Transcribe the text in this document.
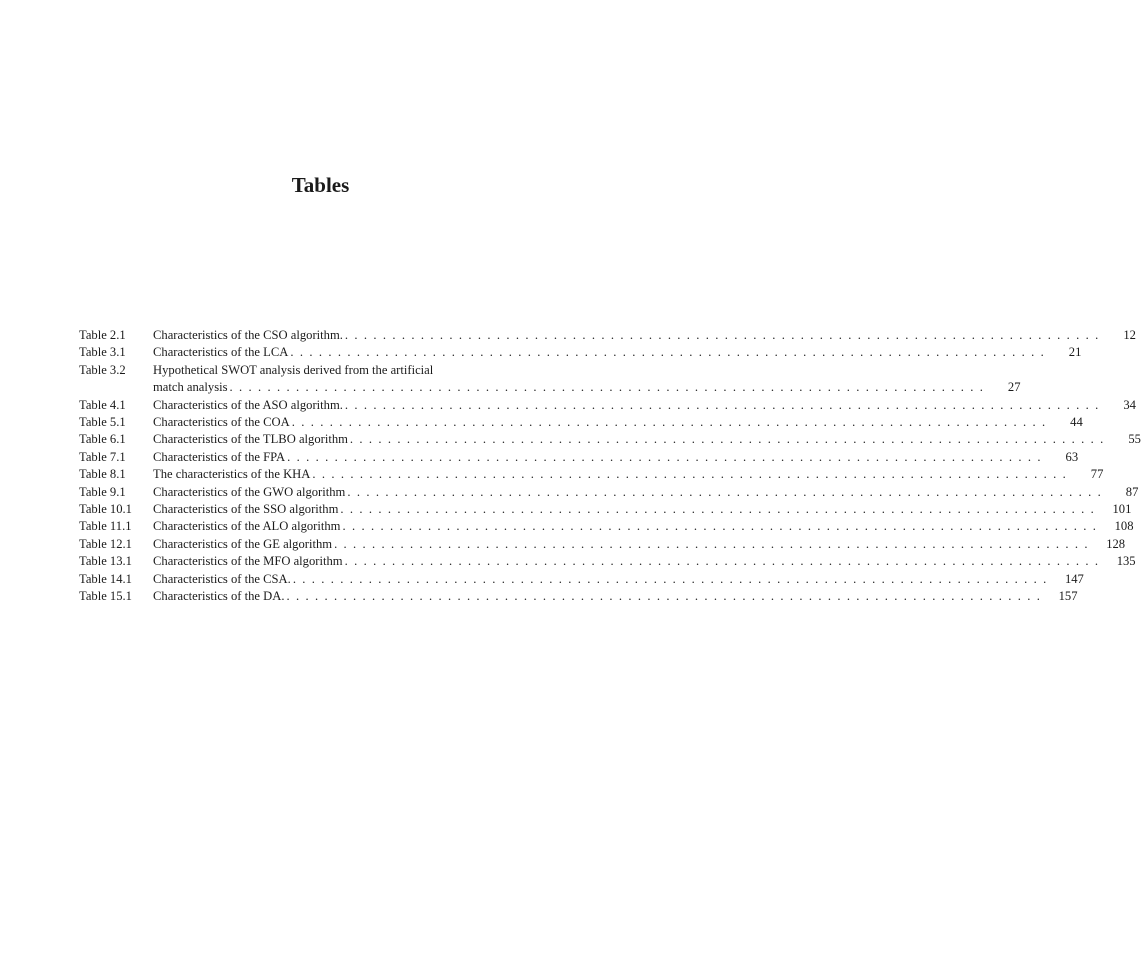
Tables
Table 2.1	Characteristics of the CSO algorithm. . . . . . . . . . . . . . . . . . . . . . . . . . . . . . . . . . . . . . . . . . . . . . . . . . . . . . . . . . . . . . . . . . . . . . . . . . . . . . . . .	12
Table 3.1	Characteristics of the LCA . . . . . . . . . . . . . . . . . . . . . . . . . . . . . . . . . . . . . . . . . . . . . . . . . . . . . . . . . . . . . . . . . . . . . . . . . . . . . . . .	21
Table 3.2	Hypothetical SWOT analysis derived from the artificial
match analysis . . . . . . . . . . . . . . . . . . . . . . . . . . . . . . . . . . . . . . . . . . . . . . . . . . . . . . . . . . . . . . . . . . . . . . . . . . . . . . . .	27
Table 4.1	Characteristics of the ASO algorithm. . . . . . . . . . . . . . . . . . . . . . . . . . . . . . . . . . . . . . . . . . . . . . . . . . . . . . . . . . . . . . . . . . . . . . . . . . . . . . . . .	34
Table 5.1	Characteristics of the COA . . . . . . . . . . . . . . . . . . . . . . . . . . . . . . . . . . . . . . . . . . . . . . . . . . . . . . . . . . . . . . . . . . . . . . . . . . . . . . . .	44
Table 6.1	Characteristics of the TLBO algorithm . . . . . . . . . . . . . . . . . . . . . . . . . . . . . . . . . . . . . . . . . . . . . . . . . . . . . . . . . . . . . . . . . . . . . . . . . . . . . . . .	55
Table 7.1	Characteristics of the FPA . . . . . . . . . . . . . . . . . . . . . . . . . . . . . . . . . . . . . . . . . . . . . . . . . . . . . . . . . . . . . . . . . . . . . . . . . . . . . . . .	63
Table 8.1	The characteristics of the KHA . . . . . . . . . . . . . . . . . . . . . . . . . . . . . . . . . . . . . . . . . . . . . . . . . . . . . . . . . . . . . . . . . . . . . . . . . . . . . . . .	77
Table 9.1	Characteristics of the GWO algorithm . . . . . . . . . . . . . . . . . . . . . . . . . . . . . . . . . . . . . . . . . . . . . . . . . . . . . . . . . . . . . . . . . . . . . . . . . . . . . . . .	87
Table 10.1	Characteristics of the SSO algorithm . . . . . . . . . . . . . . . . . . . . . . . . . . . . . . . . . . . . . . . . . . . . . . . . . . . . . . . . . . . . . . . . . . . . . . . . . . . . . . . .	101
Table 11.1	Characteristics of the ALO algorithm . . . . . . . . . . . . . . . . . . . . . . . . . . . . . . . . . . . . . . . . . . . . . . . . . . . . . . . . . . . . . . . . . . . . . . . . . . . . . . . .	108
Table 12.1	Characteristics of the GE algorithm . . . . . . . . . . . . . . . . . . . . . . . . . . . . . . . . . . . . . . . . . . . . . . . . . . . . . . . . . . . . . . . . . . . . . . . . . . . . . . . .	128
Table 13.1	Characteristics of the MFO algorithm . . . . . . . . . . . . . . . . . . . . . . . . . . . . . . . . . . . . . . . . . . . . . . . . . . . . . . . . . . . . . . . . . . . . . . . . . . . . . . . .	135
Table 14.1	Characteristics of the CSA. . . . . . . . . . . . . . . . . . . . . . . . . . . . . . . . . . . . . . . . . . . . . . . . . . . . . . . . . . . . . . . . . . . . . . . . . . . . . . . . .	147
Table 15.1	Characteristics of the DA. . . . . . . . . . . . . . . . . . . . . . . . . . . . . . . . . . . . . . . . . . . . . . . . . . . . . . . . . . . . . . . . . . . . . . . . . . . . . . . . .	157
